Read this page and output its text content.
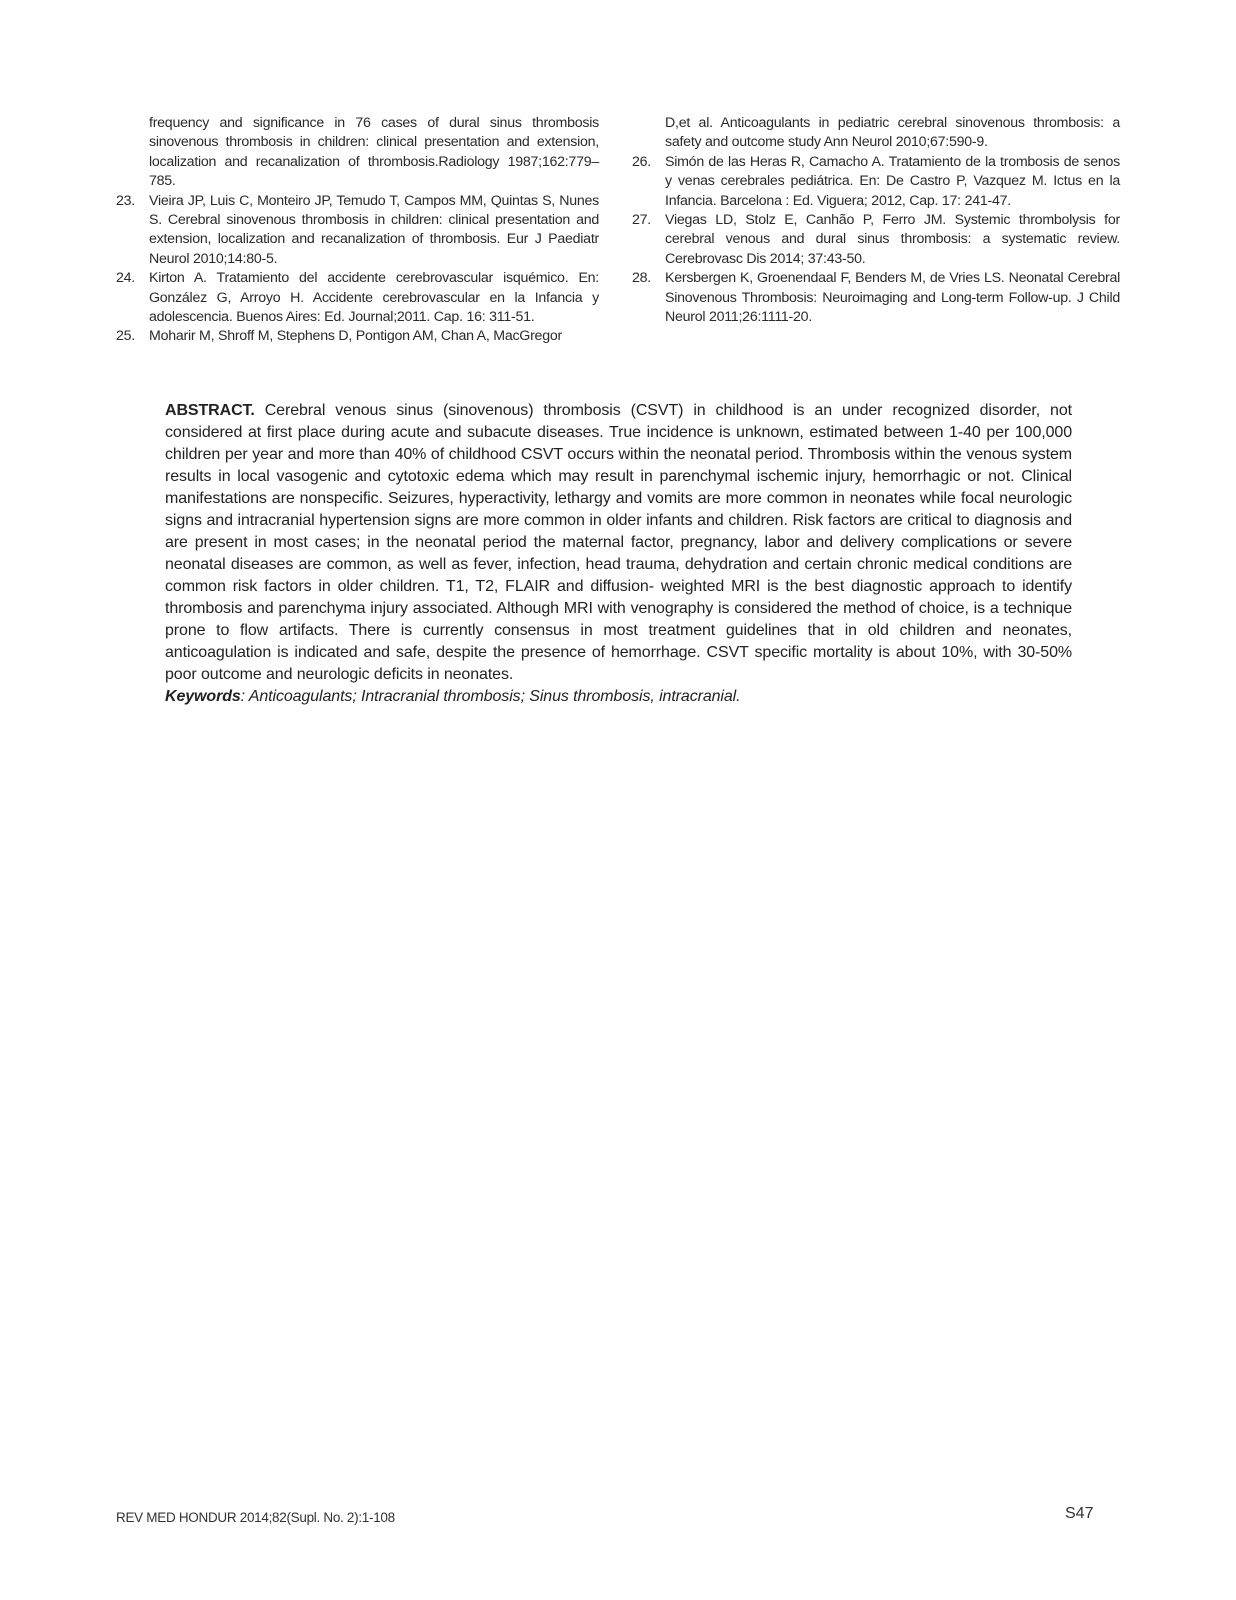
frequency and significance in 76 cases of dural sinus thrombosis sinovenous thrombosis in children: clinical presentation and extension, localization and recanalization of thrombosis.Radiology 1987;162:779–785.
23. Vieira JP, Luis C, Monteiro JP, Temudo T, Campos MM, Quintas S, Nunes S. Cerebral sinovenous thrombosis in children: clinical presentation and extension, localization and recanalization of thrombosis. Eur J Paediatr Neurol 2010;14:80-5.
24. Kirton A. Tratamiento del accidente cerebrovascular isquémico. En: González G, Arroyo H. Accidente cerebrovascular en la Infancia y adolescencia. Buenos Aires: Ed. Journal;2011. Cap. 16: 311-51.
25. Moharir M, Shroff M, Stephens D, Pontigon AM, Chan A, MacGregor
D,et al. Anticoagulants in pediatric cerebral sinovenous thrombosis: a safety and outcome study Ann Neurol 2010;67:590-9.
26. Simón de las Heras R, Camacho A. Tratamiento de la trombosis de senos y venas cerebrales pediátrica. En: De Castro P, Vazquez M. Ictus en la Infancia. Barcelona : Ed. Viguera; 2012, Cap. 17: 241-47.
27. Viegas LD, Stolz E, Canhão P, Ferro JM. Systemic thrombolysis for cerebral venous and dural sinus thrombosis: a systematic review. Cerebrovasc Dis 2014; 37:43-50.
28. Kersbergen K, Groenendaal F, Benders M, de Vries LS. Neonatal Cerebral Sinovenous Thrombosis: Neuroimaging and Long-term Follow-up. J Child Neurol 2011;26:1111-20.
ABSTRACT. Cerebral venous sinus (sinovenous) thrombosis (CSVT) in childhood is an under recognized disorder, not considered at first place during acute and subacute diseases. True incidence is unknown, estimated between 1-40 per 100,000 children per year and more than 40% of childhood CSVT occurs within the neonatal period. Thrombosis within the venous system results in local vasogenic and cytotoxic edema which may result in parenchymal ischemic injury, hemorrhagic or not. Clinical manifestations are nonspecific. Seizures, hyperactivity, lethargy and vomits are more common in neonates while focal neurologic signs and intracranial hypertension signs are more common in older infants and children. Risk factors are critical to diagnosis and are present in most cases; in the neonatal period the maternal factor, pregnancy, labor and delivery complications or severe neonatal diseases are common, as well as fever, infection, head trauma, dehydration and certain chronic medical conditions are common risk factors in older children. T1, T2, FLAIR and diffusion- weighted MRI is the best diagnostic approach to identify thrombosis and parenchyma injury associated. Although MRI with venography is considered the method of choice, is a technique prone to flow artifacts. There is currently consensus in most treatment guidelines that in old children and neonates, anticoagulation is indicated and safe, despite the presence of hemorrhage. CSVT specific mortality is about 10%, with 30-50% poor outcome and neurologic deficits in neonates.
Keywords: Anticoagulants; Intracranial thrombosis; Sinus thrombosis, intracranial.
REV MED HONDUR 2014;82(Supl. No. 2):1-108	S47
